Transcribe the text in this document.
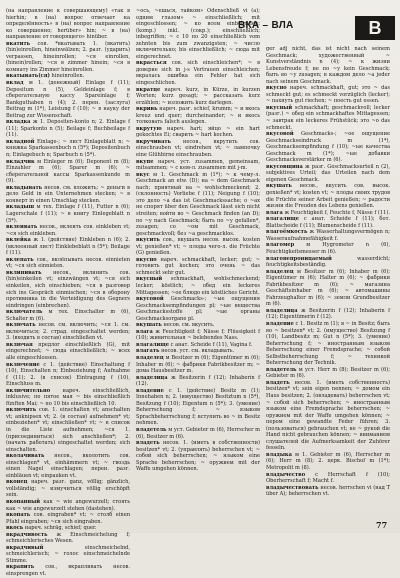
ВКА – ВЛА	В

(на направление к совершающему) «так в hierhin; в (на) вопрос отвечает на определённость» в (на) вопрос направление ко совершенно; herüber» hin; ~ в (на) направление от говорящего» hinüber.

вкатить сов. *вкатывать 1. (вкатить) (hin)einrollen, hineinwälzen; 2. разг. (ударить) verpassen, hineinrollen; ~ся einrollen, (hinein)rollen; ~ся в zimmer hinein; ~ся в комнату ins Zimmer hineinrollen.

вкатывать(ся) hineinrollen.

вклад м 1. (денежный) Einlage f (11); Depositum n (5), Geldeinlage f; в сберегательную кассу Spareinlage f; Bankguthaben n (4); 2. перен. (заслуга) Beitrag m (1*), Leistung f (10); ~ в науку der Beitrag zur Wissenschaft.

вкладка ж 1. Depositen-konto n; 2. Einlage f (11); Sparkonto n (5); Beilage f; Buchbeilage f (11).

вкладной Einlage-; ~ лист Einlageblatt n; ~ книжка Sparkassenbuch n (5*); Depositenbuch n; Einlagebuch n; Sparbuch n (5*).

вкладчик м Einleger m (6); Deponent m (8); Einzahler m (6); Sparer m (6); ~ сберегательной кассы Sparkassenkunde m (9).

вкладывать несов. см. вложить; ~ деньги в дело Geld in ein Unternehmen stecken; ~ в конверт in einen Umschlag stecken.

вкладыш м тех. Einlage f (11), Futter n (6); Lagerschale f (11); ~ в книгу Einlegeblatt n (5*).

вклеивать несов., вклеить сов. einkleben vt; ~ся sich einkleben.

вклейка ж 1. (действие) Einkleben n (6); 2. (вклеенный лист) Einklebeblatt n (5*); Beilage f (11).

вклепать сов., вклёпывать несов. einnieten vt; ~ся sich einnieten.

вклинивать несов., вклинить сов. (hin)einkeilen vt; einzwängen vt; ~ся sich einkeilen, sich einschieben; ~ся в разговор sich ins Gespräch einmischen; ~ся в оборону противника in die Verteidigung des Gegners eindringen (einbrechen).

включатель м тех. Einschalter m (6), Schalter m (6).

включать несов. см. включить; ~ся 1. см. включиться; 2. страд. eingeschaltet werden; 3. (входить в состав) einschließen vt.

включая предлог einschließlich (G), mit eingerechnet; ~ сюда einschließlich; ~ всех alle eingeschlossen.

включение с 1. (действие) Einschaltung f (10), Einschalten n; Einbeziehung f; Aufnahme f (11); 2. (в список) Eintragung f (10), Einschluss m.

включительно нареч. einschließlich, inklusive; по пятое мая ~ bis einschließlich fünften Mai; ~ по 10 bis einschließlich 10.

включить сов. 1. einschalten vt; anschalten vt; anknipsen vt; 2. (в состав) aufnehmen* vt; einbeziehen* vt; einschließen* vt; ~ в список in die Liste aufnehmen; ~ся 1. (присоединиться) sich anschließen*; 2. (начать работать) eingeschaltet werden; sich einschalten.

вколачивать несов., вколотить сов. einschlagen* vt, einhämmern vt; ~ гвоздь einen Nagel einschlagen; перен. разг. einbläuen vt; einpauken vt.

вконец нареч. разг. ganz, völlig; gänzlich, vollständig; ~ измучиться völlig erschöpft sein.

вкопанный как ~ wie angewurzelt; стоять как ~ wie angewurzelt stehen (dastehen).

вкопать сов. eingraben* vt; ~ столб einen Pfahl eingraben; ~ся sich eingraben.

вкось нареч. schräg, schief; quer.

вкрадчивость ж Einschmeichelung f; schmeichlerisches Wesen.

вкрадчивый	einschmeichelnd, schmeichlerisch; ~ голос einschmeichelnde Stimme.

вкрапить сов., вкрапливать несов. einsprengen vt.

~ось, ~ешься, тайком» Odenschließ vi (a); одним глазом» ~ einschließlich; mit eingeschlossen; ~ ко всем einbegriffen; (komp.) inkl. (сокр.); einschließlich; inbegriffen; ~ с 10 по 20 einschließlich vom zehnten bis zum zwanzigsten; ~ число включительно; bis einschließlich; ~ сюда mit eingerechnet.

вкрасться сов. sich einschleichen*; ~ в доверие sich in j-s Vertrauen einschleichen; вкралась ошибка ein Fehler hat sich eingeschlichen.

вкратце нареч. kurz, in Kürze, in kurzen Worten; kurz gesagt; ~ рассказать kurz erzählen; ~ изложить kurz darlegen.

вкривь нареч. разг. schief, krumm; ~ и вкось kreuz und quer; durcheinander; ~ и вкось толковать falsch auslegen.

вкрутую нареч. hart; яйцо ~ ein hart gekochtes Ei; сварить ~ hart kochen.

вкручивать несов., вкрутить сов. einschrauben vt; eindrehen vt; ~ лампочку eine Glühbirne einschrauben.

вкупе нареч. уст. zusammen, gemeinsam, mitsammen; ~ с кем-л. zusammen mit j-m.

вкус м 1. Geschmack m (1*); ~ к чему-л. Geschmack an etw. (D); на ~ dem Geschmack nach; приятный на ~ wohlschmeckend; 2. (склонность) Vorliebe f (11); Neigung f (10); это дело ~а das ist Geschmackssache; о ~ах не спорят über den Geschmack lässt sich nicht streiten; войти во ~ Geschmack finden (an D); по ~у nach Geschmack; быть по ~у gefallen*, zusagen; со ~ом mit Geschmack, geschmackvoll; без ~а geschmacklos.

вкусить сов., вкушать несов. высок. kosten vt; genießen* vt; ~ плоды чего-л. die Früchte (G) genießen.

вкусно нареч. schmackhaft, lecker; gut; ~ готовить gut kochen; это очень ~ das schmeckt sehr gut.

вкусный schmackhaft, wohlschmeckend; lecker; köstlich; ~ обед ein leckeres Mittagessen; ~ое блюдо ein köstliches Gericht.

вкусовой Geschmacks-; ~ые ощущения Geschmacksempfindungen pl; ~ые вещества Geschmacksstoffe pl; ~ые органы Geschmacksorgane pl.

вкушать несов. см. вкусить.

влага ж Feuchtigkeit f; Nässe f; Flüssigkeit f (10); живительная ~ belebendes Nass.

влагалище с анат. Scheide f (11), Vagina f.

влагать несов. уст. см. вкладывать.

владелец м Besitzer m (6); Eigentümer m (6); Inhaber m (6); ~ фабрики Fabrikbesitzer m; ~ дома Hausbesitzer m.

владелица ж Besitzerin f (12); Inhaberin f (12).

владение с 1. (действие) Besitz m (1); Innehaben n; 2. (имущество) Besitztum n (5*), Besitzung f (10); Eigentum n (5*); 3. (умение) Beherrschung f; ~ языком Sprachbeherrschung f; вступить во ~ in Besitz nehmen.

владетель м уст. Gebieter m (6), Herrscher m (6), Besitzer m (6).

владеть несов. 1. (иметь в собственности) besitzen* vt; 2. (управлять) beherrschen vt; ~ собой sich beherrschen; ~ языком eine Sprache beherrschen; ~ оружием mit der Waffe umgehen können.

ger adj nicht, das ist nicht nach seinem Geschmack; художественный ~ Kunstverständnis n (4); ~ к жизни Lebensfreude f; не по ~у kein Geschmack; быть во ~у zusagen; в каждом дело ~а jeder nach seinem Geschmack.

вкусно нареч. schmackhaft, gut; это ~ das schmeckt gut; es schmeckt vorzüglich (lecker); ~ пахнуть gut riechen; ~ поесть gut essen.

вкусный schmackhaft; geschmackvoll; lecker (разг.) ~ обед ein schmackhaftes Mittagessen; ~ завтрак ein leckeres Frühstück; это ~о das schmeckt.

вкусовой Geschmacks-; ~ое ощущение Geschmackseindruck m (1*), Geschmacksempfindung f (10); ~ые качества Geschmack m (1*); ~ые добавки Geschmacksverstärker m (6).

вкусовщина ж разг. Geschmacksurteil n (2), subjektives Urteil; das Urteilen nach dem eigenen Geschmack.

вкушать несов., вкусить сов. высок. genießen* vt; kosten vt; ~ плоды своих трудов die Früchte seiner Arbeit genießen; ~ радости жизни die Freuden des Lebens genießen.

влага ж Feuchtigkeit f, Feuchte f, Nässe f (11).

влагалище с анат. Scheide f (11); бот. Blattscheide f (11); Blumenscheide f (11).

влагоёмкость ж Wasserhaltungsvermögen n; Wasseraufnahmefähigkeit f.

влагомер м Hygrometer n (6), Feuchtigkeitsmesser m (6).

влагонепроницаемый	wasserdicht; feuchtigkeitsbeständig.

владелец м Besitzer m (6); Inhaber m (6); Eigentümer m (6); Halter m (6); ~ фабрики Fabrikbesitzer m (6); ~ магазина Geschäftsinhaber m (6); ~ автомашины Fahrzeughalter m (6); ~ земли Grundbesitzer m (6).

владелица ж Besitzerin f (12); Inhaberin f (12); Eigentümerin f (12).

владение с 1. Besitz m (1); в ~ in Besitz; быть во ~ besitzen* vt; 2. (имущество) Besitzung f (10), Landbesitz m; Gut n (5*); 3. (умение) Beherrschung f; ~ иностранным языком Beherrschung einer Fremdsprache; ~ собой Selbstbeherrschung f; ~ техникой Beherrschung der Technik.

владетель м уст. Herr m (8); Besitzer m (6); Gebieter m (6).

владеть несов. 1. (иметь собственность) besitzen* vt; sein eigen nennen; ~ домом ein Haus besitzen; 2. (овладевать) beherrschen vt; ~ собой sich beherrschen; ~ иностранным языком eine Fremdsprache beherrschen; ~ оружием mit der Waffe umgehen können; ~ пером eine gewandte Feder führen; 3. (пользоваться) gebrauchen vt; не ~ рукой die Hand nicht gebrauchen können; ~ вниманием слушателей die Aufmerksamkeit der Zuhörer fesseln.

владыка м 1. Gebieter m (6), Herrscher m (6); Herr m (8); 2. церк. Bischof m (1*); Metropolit m (8).

владычество с Herrschaft f (10); Oberherrschaft f; Macht f.

владычествовать несов. herrschen vi (над Т über A); beherrschen vt.

77
